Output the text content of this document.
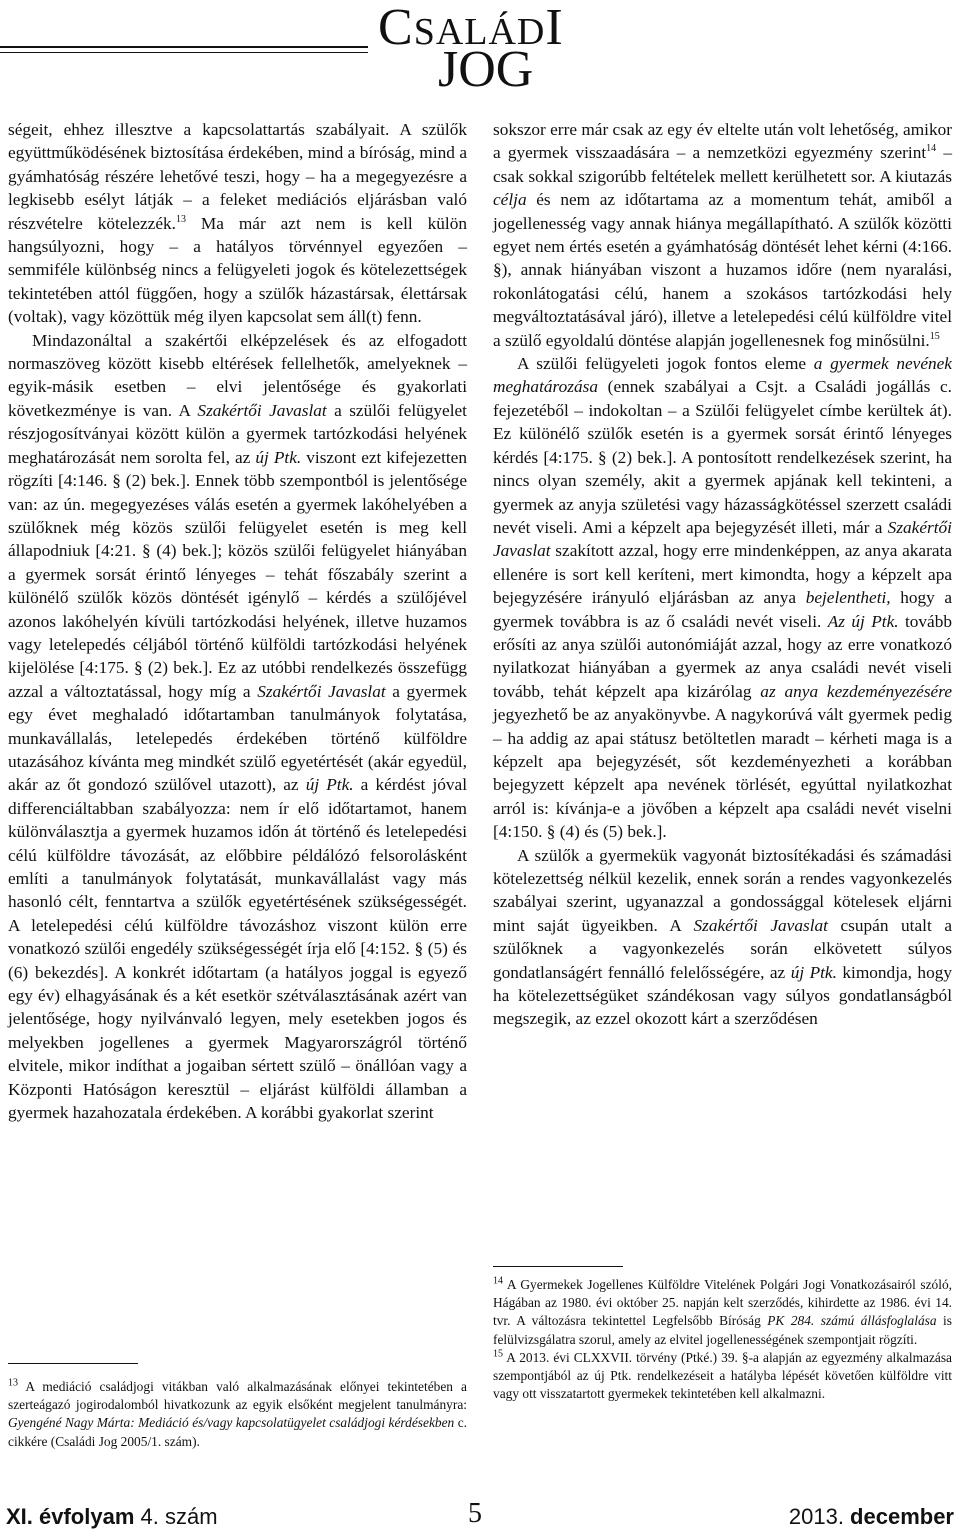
CSALÁDI
JOG

ségeit, ehhez illesztve a kapcsolattartás szabályait. A szülők együttműködésének biztosítása érdekében, mind a bíróság, mind a gyámhatóság részére lehetővé teszi, hogy – ha a megegyezésre a legkisebb esélyt látják – a feleket mediációs eljárásban való részvételre kötelezzék.$^{13}$ Ma már azt nem is kell külön hangsúlyozni, hogy – a hatályos törvénnyel egyezően – semmiféle különbség nincs a felügyeleti jogok és kötelezettségek tekintetében attól függően, hogy a szülők házastársak, élettársak (voltak), vagy közöttük még ilyen kapcsolat sem áll(t) fenn.

Mindazonáltal a szakértői elképzelések és az elfogadott normaszöveg között kisebb eltérések fellelhetők, amelyeknek – egyik-másik esetben – elvi jelentősége és gyakorlati következménye is van. A Szakértői Javaslat a szülői felügyelet részjogosítványai között külön a gyermek tartózkodási helyének meghatározását nem sorolta fel, az új Ptk. viszont ezt kifejezetten rögzíti [4:146. § (2) bek.]. Ennek több szempontból is jelentősége van: az ún. megegyezéses válás esetén a gyermek lakóhelyében a szülőknek még közös szülői felügyelet esetén is meg kell állapodniuk [4:21. § (4) bek.]; közös szülői felügyelet hiányában a gyermek sorsát érintő lényeges – tehát főszabály szerint a különélő szülők közös döntését igénylő – kérdés a szülőjével azonos lakóhelyén kívüli tartózkodási helyének, illetve huzamos vagy letelepedés céljából történő külföldi tartózkodási helyének kijelölése [4:175. § (2) bek.]. Ez az utóbbi rendelkezés összefügg azzal a változtatással, hogy míg a Szakértői Javaslat a gyermek egy évet meghaladó időtartamban tanulmányok folytatása, munkavállalás, letelepedés érdekében történő külföldre utazásához kívánta meg mindkét szülő egyetértését (akár egyedül, akár az őt gondozó szülővel utazott), az új Ptk. a kérdést jóval differenciáltabban szabályozza: nem ír elő időtartamot, hanem különválasztja a gyermek huzamos időn át történő és letelepedési célú külföldre távozását, az előbbire példálózó felsorolásként említi a tanulmányok folytatását, munkavállalást vagy más hasonló célt, fenntartva a szülők egyetértésének szükségességét. A letelepedési célú külföldre távozáshoz viszont külön erre vonatkozó szülői engedély szükségességét írja elő [4:152. § (5) és (6) bekezdés]. A konkrét időtartam (a hatályos joggal is egyező egy év) elhagyásának és a két esetkör szétválasztásának azért van jelentősége, hogy nyilvánvaló legyen, mely esetekben jogos és melyekben jogellenes a gyermek Magyarországról történő elvitele, mikor indíthat a jogaiban sértett szülő – önállóan vagy a Központi Hatóságon keresztül – eljárást külföldi államban a gyermek hazahozatala érdekében. A korábbi gyakorlat szerint

$^{13}$ A mediáció családjogi vitákban való alkalmazásának előnyei tekintetében a szerteágazó jogirodalomból hivatkozunk az egyik elsőként megjelent tanulmányra: Gyengéné Nagy Márta: Mediáció és/vagy kapcsolatügyelet családjogi kérdésekben c. cikkére (Családi Jog 2005/1. szám).

sokszor erre már csak az egy év eltelte után volt lehetőség, amikor a gyermek visszaadására – a nemzetközi egyezmény szerint$^{14}$ – csak sokkal szigorúbb feltételek mellett kerülhetett sor. A kiutazás célja és nem az időtartama az a momentum tehát, amiből a jogellenesség vagy annak hiánya megállapítható. A szülők közötti egyet nem értés esetén a gyámhatóság döntését lehet kérni (4:166. §), annak hiányában viszont a huzamos időre (nem nyaralási, rokonlátogatási célú, hanem a szokásos tartózkodási hely megváltoztatásával járó), illetve a letelepedési célú külföldre vitel a szülő egyoldalú döntése alapján jogellenesnek fog minősülni.$^{15}$

A szülői felügyeleti jogok fontos eleme a gyermek nevének meghatározása (ennek szabályai a Csjt. a Családi jogállás c. fejezetéből – indokoltan – a Szülői felügyelet címbe kerültek át). Ez különélő szülők esetén is a gyermek sorsát érintő lényeges kérdés [4:175. § (2) bek.]. A pontosított rendelkezések szerint, ha nincs olyan személy, akit a gyermek apjának kell tekinteni, a gyermek az anyja születési vagy házasságkötéssel szerzett családi nevét viseli. Ami a képzelt apa bejegyzését illeti, már a Szakértői Javaslat szakított azzal, hogy erre mindenképpen, az anya akarata ellenére is sort kell keríteni, mert kimondta, hogy a képzelt apa bejegyzésére irányuló eljárásban az anya bejelentheti, hogy a gyermek továbbra is az ő családi nevét viseli. Az új Ptk. tovább erősíti az anya szülői autonómiáját azzal, hogy az erre vonatkozó nyilatkozat hiányában a gyermek az anya családi nevét viseli tovább, tehát képzelt apa kizárólag az anya kezdeményezésére jegyezhető be az anyakönyvbe. A nagykorúvá vált gyermek pedig – ha addig az apai státusz betöltetlen maradt – kérheti maga is a képzelt apa bejegyzését, sőt kezdeményezheti a korábban bejegyzett képzelt apa nevének törlését, egyúttal nyilatkozhat arról is: kívánja-e a jövőben a képzelt apa családi nevét viselni [4:150. § (4) és (5) bek.].

A szülők a gyermekük vagyonát biztosítékadási és számadási kötelezettség nélkül kezelik, ennek során a rendes vagyonkezelés szabályai szerint, ugyanazzal a gondossággal kötelesek eljárni mint saját ügyeikben. A Szakértői Javaslat csupán utalt a szülőknek a vagyonkezelés során elkövetett súlyos gondatlanságért fennálló felelősségére, az új Ptk. kimondja, hogy ha kötelezettségüket szándékosan vagy súlyos gondatlanságból megszegik, az ezzel okozott kárt a szerződésen

$^{14}$ A Gyermekek Jogellenes Külföldre Vitelének Polgári Jogi Vonatkozásairól szóló, Hágában az 1980. évi október 25. napján kelt szerződés, kihirdette az 1986. évi 14. tvr. A változásra tekintettel Legfelsőbb Bíróság PK 284. számú állásfoglalása is felülvizsgálatra szorul, amely az elvitel jogellenességének szempontjait rögzíti.

$^{15}$ A 2013. évi CLXXVII. törvény (Ptké.) 39. §-a alapján az egyezmény alkalmazása szempontjából az új Ptk. rendelkezéseit a hatályba lépését követően külföldre vitt vagy ott visszatartott gyermekek tekintetében kell alkalmazni.

XI. évfolyam 4. szám	5	2013. december
